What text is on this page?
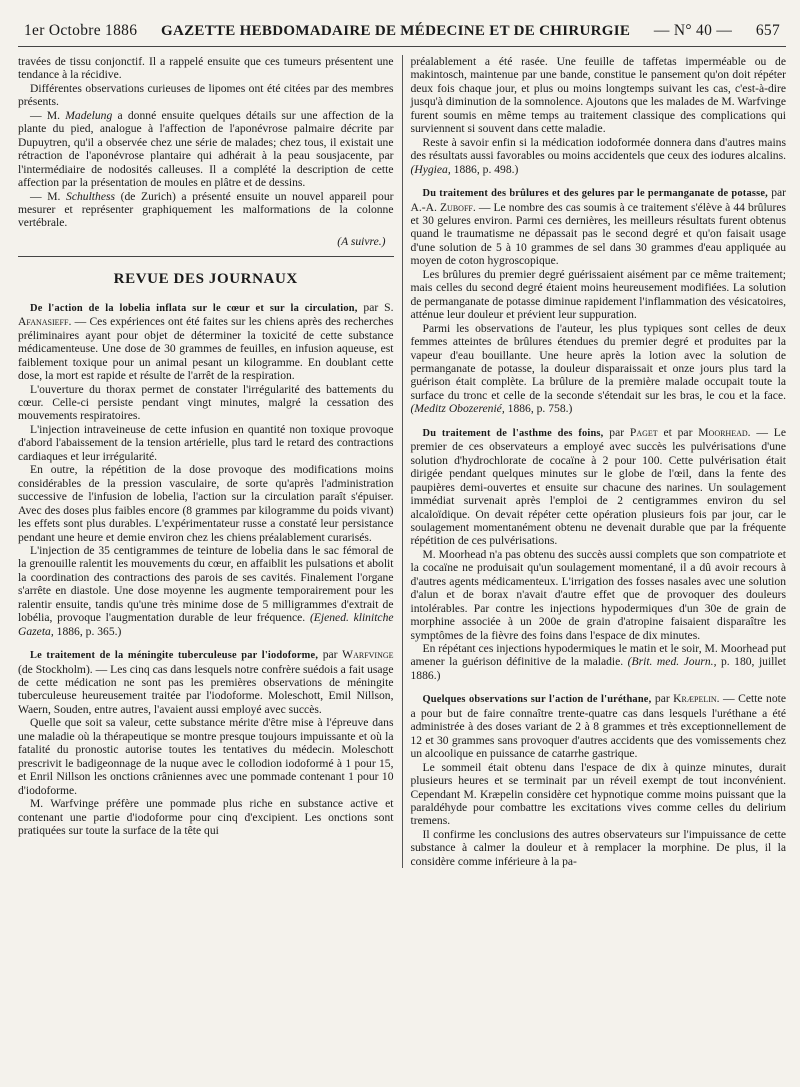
1er Octobre 1886 GAZETTE HEBDOMADAIRE DE MÉDECINE ET DE CHIRURGIE — N° 40 — 657

travées de tissu conjonctif. Il a rappelé ensuite que ces tumeurs présentent une tendance à la récidive.

Différentes observations curieuses de lipomes ont été citées par des membres présents.

— M. Madelung a donné ensuite quelques détails sur une affection de la plante du pied, analogue à l'affection de l'aponévrose palmaire décrite par Dupuytren, qu'il a observée chez une série de malades; chez tous, il existait une rétraction de l'aponévrose plantaire qui adhérait à la peau sousjacente, par l'intermédiaire de nodosités calleuses. Il a complété la description de cette affection par la présentation de moules en plâtre et de dessins.

— M. Schulthess (de Zurich) a présenté ensuite un nouvel appareil pour mesurer et représenter graphiquement les malformations de la colonne vertébrale.

(A suivre.)
REVUE DES JOURNAUX

De l'action de la lobelia inflata sur le cœur et sur la circulation, par S. Afanasieff. — Ces expériences ont été faites sur les chiens après des recherches préliminaires ayant pour objet de déterminer la toxicité de cette substance médicamenteuse. Une dose de 30 grammes de feuilles, en infusion aqueuse, est faiblement toxique pour un animal pesant un kilogramme. En doublant cette dose, la mort est rapide et résulte de l'arrêt de la respiration.

L'ouverture du thorax permet de constater l'irrégularité des battements du cœur. Celle-ci persiste pendant vingt minutes, malgré la cessation des mouvements respiratoires.

L'injection intraveineuse de cette infusion en quantité non toxique provoque d'abord l'abaissement de la tension artérielle, plus tard le retard des contractions cardiaques et leur irrégularité.

En outre, la répétition de la dose provoque des modifications moins considérables de la pression vasculaire, de sorte qu'après l'administration successive de l'infusion de lobelia, l'action sur la circulation paraît s'épuiser. Avec des doses plus faibles encore (8 grammes par kilogramme du poids vivant) les effets sont plus durables. L'expérimentateur russe a constaté leur persistance pendant une heure et demie environ chez les chiens préalablement curarisés.

L'injection de 35 centigrammes de teinture de lobelia dans le sac fémoral de la grenouille ralentit les mouvements du cœur, en affaiblit les pulsations et abolit la coordination des contractions des parois de ses cavités. Finalement l'organe s'arrête en diastole. Une dose moyenne les augmente temporairement pour les ralentir ensuite, tandis qu'une très minime dose de 5 milligrammes d'extrait de lobélia, provoque l'augmentation durable de leur fréquence. (Ejened. klinitche Gazeta, 1886, p. 365.)

Le traitement de la méningite tuberculeuse par l'iodoforme, par Warfvinge (de Stockholm). — Les cinq cas dans lesquels notre confrère suédois a fait usage de cette médication ne sont pas les premières observations de méningite tuberculeuse heureusement traitée par l'iodoforme. Moleschott, Emil Nillson, Waern, Souden, entre autres, l'avaient aussi employé avec succès.

Quelle que soit sa valeur, cette substance mérite d'être mise à l'épreuve dans une maladie où la thérapeutique se montre presque toujours impuissante et où la fatalité du pronostic autorise toutes les tentatives du médecin. Moleschott prescrivit le badigeonnage de la nuque avec le collodion iodoformé à 1 pour 15, et Enril Nillson les onctions crâniennes avec une pommade contenant 1 pour 10 d'iodoforme.

M. Warfvinge préfère une pommade plus riche en substance active et contenant une partie d'iodoforme pour cinq d'excipient. Les onctions sont pratiquées sur toute la surface de la tête qui

préalablement a été rasée. Une feuille de taffetas imperméable ou de makintosch, maintenue par une bande, constitue le pansement qu'on doit répéter deux fois chaque jour, et plus ou moins longtemps suivant les cas, c'est-à-dire jusqu'à diminution de la somnolence. Ajoutons que les malades de M. Warfvinge furent soumis en même temps au traitement classique des complications qui surviennent si souvent dans cette maladie.

Reste à savoir enfin si la médication iodoformée donnera dans d'autres mains des résultats aussi favorables ou moins accidentels que ceux des iodures alcalins. (Hygiea, 1886, p. 498.)

Du traitement des brûlures et des gelures par le permanganate de potasse, par A.-A. Zuboff. — Le nombre des cas soumis à ce traitement s'élève à 44 brûlures et 30 gelures environ. Parmi ces dernières, les meilleurs résultats furent obtenus quand le traumatisme ne dépassait pas le second degré et qu'on faisait usage d'une solution de 5 à 10 grammes de sel dans 30 grammes d'eau appliquée au moyen de coton hygroscopique.

Les brûlures du premier degré guérissaient aisément par ce même traitement; mais celles du second degré étaient moins heureusement modifiées. La solution de permanganate de potasse diminue rapidement l'inflammation des vésicatoires, atténue leur douleur et prévient leur suppuration.

Parmi les observations de l'auteur, les plus typiques sont celles de deux femmes atteintes de brûlures étendues du premier degré et produites par la vapeur d'eau bouillante. Une heure après la lotion avec la solution de permanganate de potasse, la douleur disparaissait et onze jours plus tard la guérison était complète. La brûlure de la première malade occupait toute la surface du tronc et celle de la seconde s'étendait sur les bras, le cou et la face. (Meditz Obozerenié, 1886, p. 758.)

Du traitement de l'asthme des foins, par Paget et par Moorhead. — Le premier de ces observateurs a employé avec succès les pulvérisations d'une solution d'hydrochlorate de cocaïne à 2 pour 100. Cette pulvérisation était dirigée pendant quelques minutes sur le globe de l'œil, dans la fente des paupières demi-ouvertes et ensuite sur chacune des narines. Un soulagement immédiat survenait après l'emploi de 2 centigrammes environ du sel alcaloïdique. On devait répéter cette opération plusieurs fois par jour, car le soulagement momentanément obtenu ne devenait durable que par la fréquente répétition de ces pulvérisations.

M. Moorhead n'a pas obtenu des succès aussi complets que son compatriote et la cocaïne ne produisait qu'un soulagement momentané, il a dû avoir recours à d'autres agents médicamenteux. L'irrigation des fosses nasales avec une solution d'alun et de borax n'avait d'autre effet que de provoquer des douleurs intolérables. Par contre les injections hypodermiques d'un 30e de grain de morphine associée à un 200e de grain d'atropine faisaient disparaître les symptômes de la fièvre des foins dans l'espace de dix minutes.

En répétant ces injections hypodermiques le matin et le soir, M. Moorhead put amener la guérison définitive de la maladie. (Brit. med. Journ., p. 180, juillet 1886.)

Quelques observations sur l'action de l'uréthane, par Kræpelin. — Cette note a pour but de faire connaître trente-quatre cas dans lesquels l'uréthane a été administrée à des doses variant de 2 à 8 grammes et très exceptionnellement de 12 et 30 grammes sans provoquer d'autres accidents que des vomissements chez un alcoolique en puissance de catarrhe gastrique.

Le sommeil était obtenu dans l'espace de dix à quinze minutes, durait plusieurs heures et se terminait par un réveil exempt de tout inconvénient. Cependant M. Kræpelin considère cet hypnotique comme moins puissant que la paraldéhyde pour combattre les excitations vives comme celles du delirium tremens.

Il confirme les conclusions des autres observateurs sur l'impuissance de cette substance à calmer la douleur et à remplacer la morphine. De plus, il la considère comme inférieure à la pa-
